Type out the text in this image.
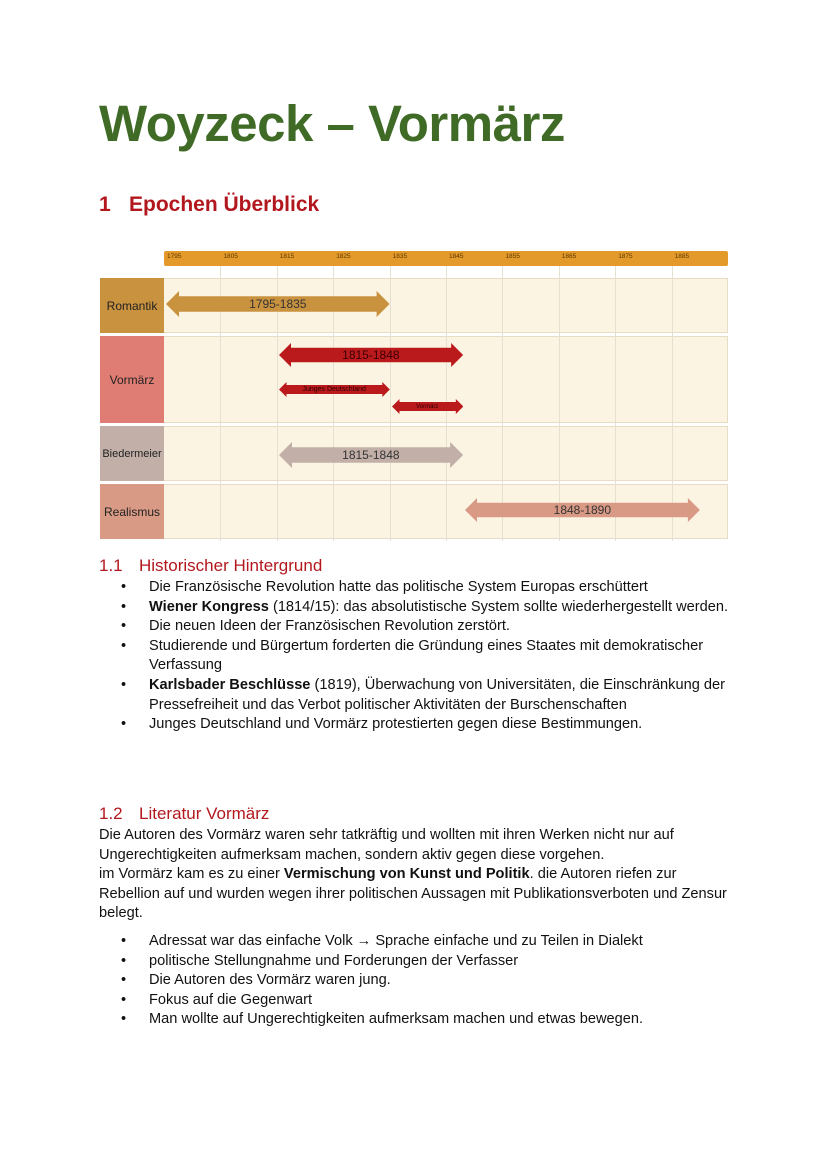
Woyzeck – Vormärz
1 Epochen Überblick
1795	1805	1815	1825	1835	1845	1855	1865	1875	1885
Romantik
Vormärz
Biedermeier
Realismus
1795-1835
1815-1848
Junges Deutschland
Vormärz
1815-1848
1848-1890
1.1 Historischer Hintergrund
• Die Französische Revolution hatte das politische System Europas erschüttert
• Wiener Kongress (1814/15): das absolutistische System sollte wiederhergestellt werden.
• Die neuen Ideen der Französischen Revolution zerstört.
• Studierende und Bürgertum forderten die Gründung eines Staates mit demokratischer Verfassung
• Karlsbader Beschlüsse (1819), Überwachung von Universitäten, die Einschränkung der Pressefreiheit und das Verbot politischer Aktivitäten der Burschenschaften
• Junges Deutschland und Vormärz protestierten gegen diese Bestimmungen.
1.2 Literatur Vormärz
Die Autoren des Vormärz waren sehr tatkräftig und wollten mit ihren Werken nicht nur auf Ungerechtigkeiten aufmerksam machen, sondern aktiv gegen diese vorgehen.
im Vormärz kam es zu einer Vermischung von Kunst und Politik. die Autoren riefen zur Rebellion auf und wurden wegen ihrer politischen Aussagen mit Publikationsverboten und Zensur belegt.
• Adressat war das einfache Volk → Sprache einfache und zu Teilen in Dialekt
• politische Stellungnahme und Forderungen der Verfasser
• Die Autoren des Vormärz waren jung.
• Fokus auf die Gegenwart
• Man wollte auf Ungerechtigkeiten aufmerksam machen und etwas bewegen.
